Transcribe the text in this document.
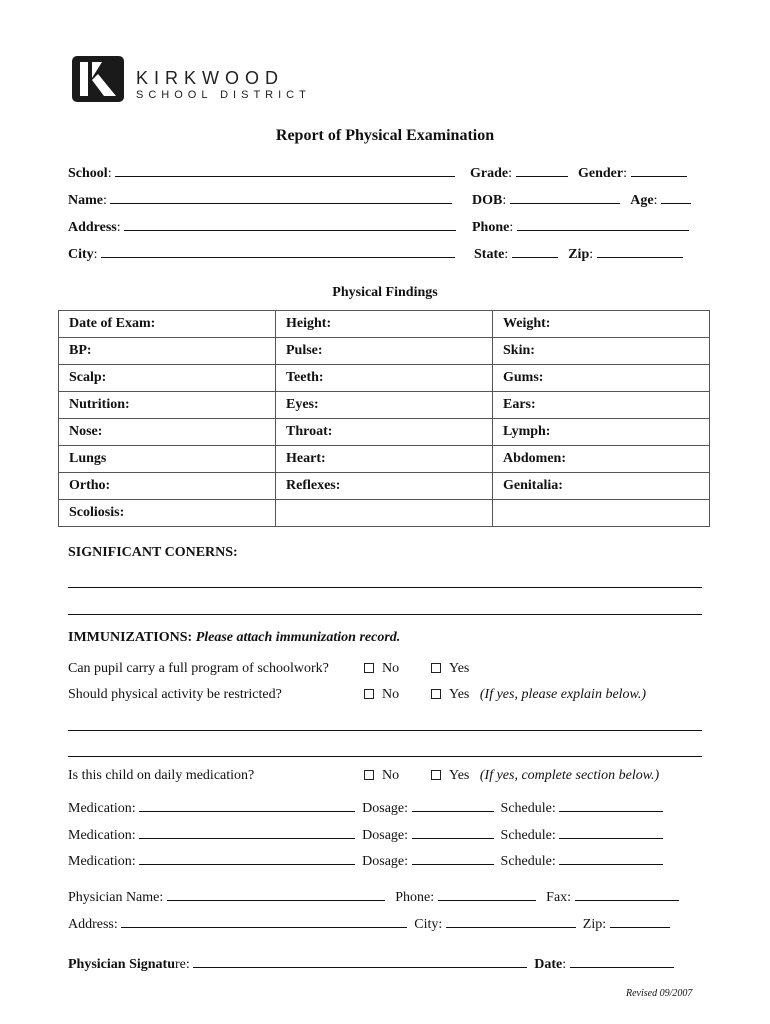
KIRKWOOD
SCHOOL DISTRICT
Report of Physical Examination
School:	Grade:	Gender:
Name:	DOB:	Age:
Address:	Phone:
City:	State:	Zip:
Physical Findings
Date of Exam:	Height:	Weight:
BP:	Pulse:	Skin:
Scalp:	Teeth:	Gums:
Nutrition:	Eyes:	Ears:
Nose:	Throat:	Lymph:
Lungs	Heart:	Abdomen:
Ortho:	Reflexes:	Genitalia:
Scoliosis:		
SIGNIFICANT CONERNS:
IMMUNIZATIONS: Please attach immunization record.
Can pupil carry a full program of schoolwork?	No	Yes
Should physical activity be restricted?	No	Yes (If yes, please explain below.)
Is this child on daily medication?	No	Yes (If yes, complete section below.)
Medication:	Dosage:	Schedule:
Medication:	Dosage:	Schedule:
Medication:	Dosage:	Schedule:
Physician Name:	Phone:	Fax:
Address:	City:	Zip:
Physician Signature:	Date:
Revised 09/2007
